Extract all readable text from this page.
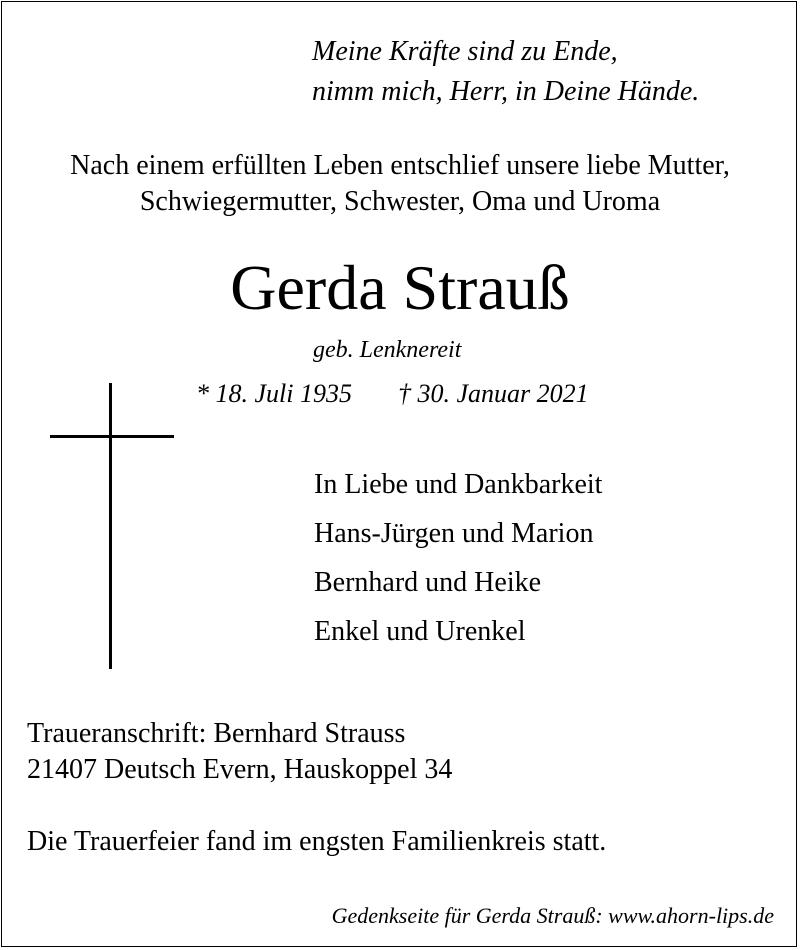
Meine Kräfte sind zu Ende,
nimm mich, Herr, in Deine Hände.
Nach einem erfüllten Leben entschlief unsere liebe Mutter,
Schwiegermutter, Schwester, Oma und Uroma
Gerda Strauß
geb. Lenknereit
* 18. Juli 1935 † 30. Januar 2021
In Liebe und Dankbarkeit
Hans-Jürgen und Marion
Bernhard und Heike
Enkel und Urenkel
Traueranschrift: Bernhard Strauss
21407 Deutsch Evern, Hauskoppel 34
Die Trauerfeier fand im engsten Familienkreis statt.
Gedenkseite für Gerda Strauß: www.ahorn-lips.de
